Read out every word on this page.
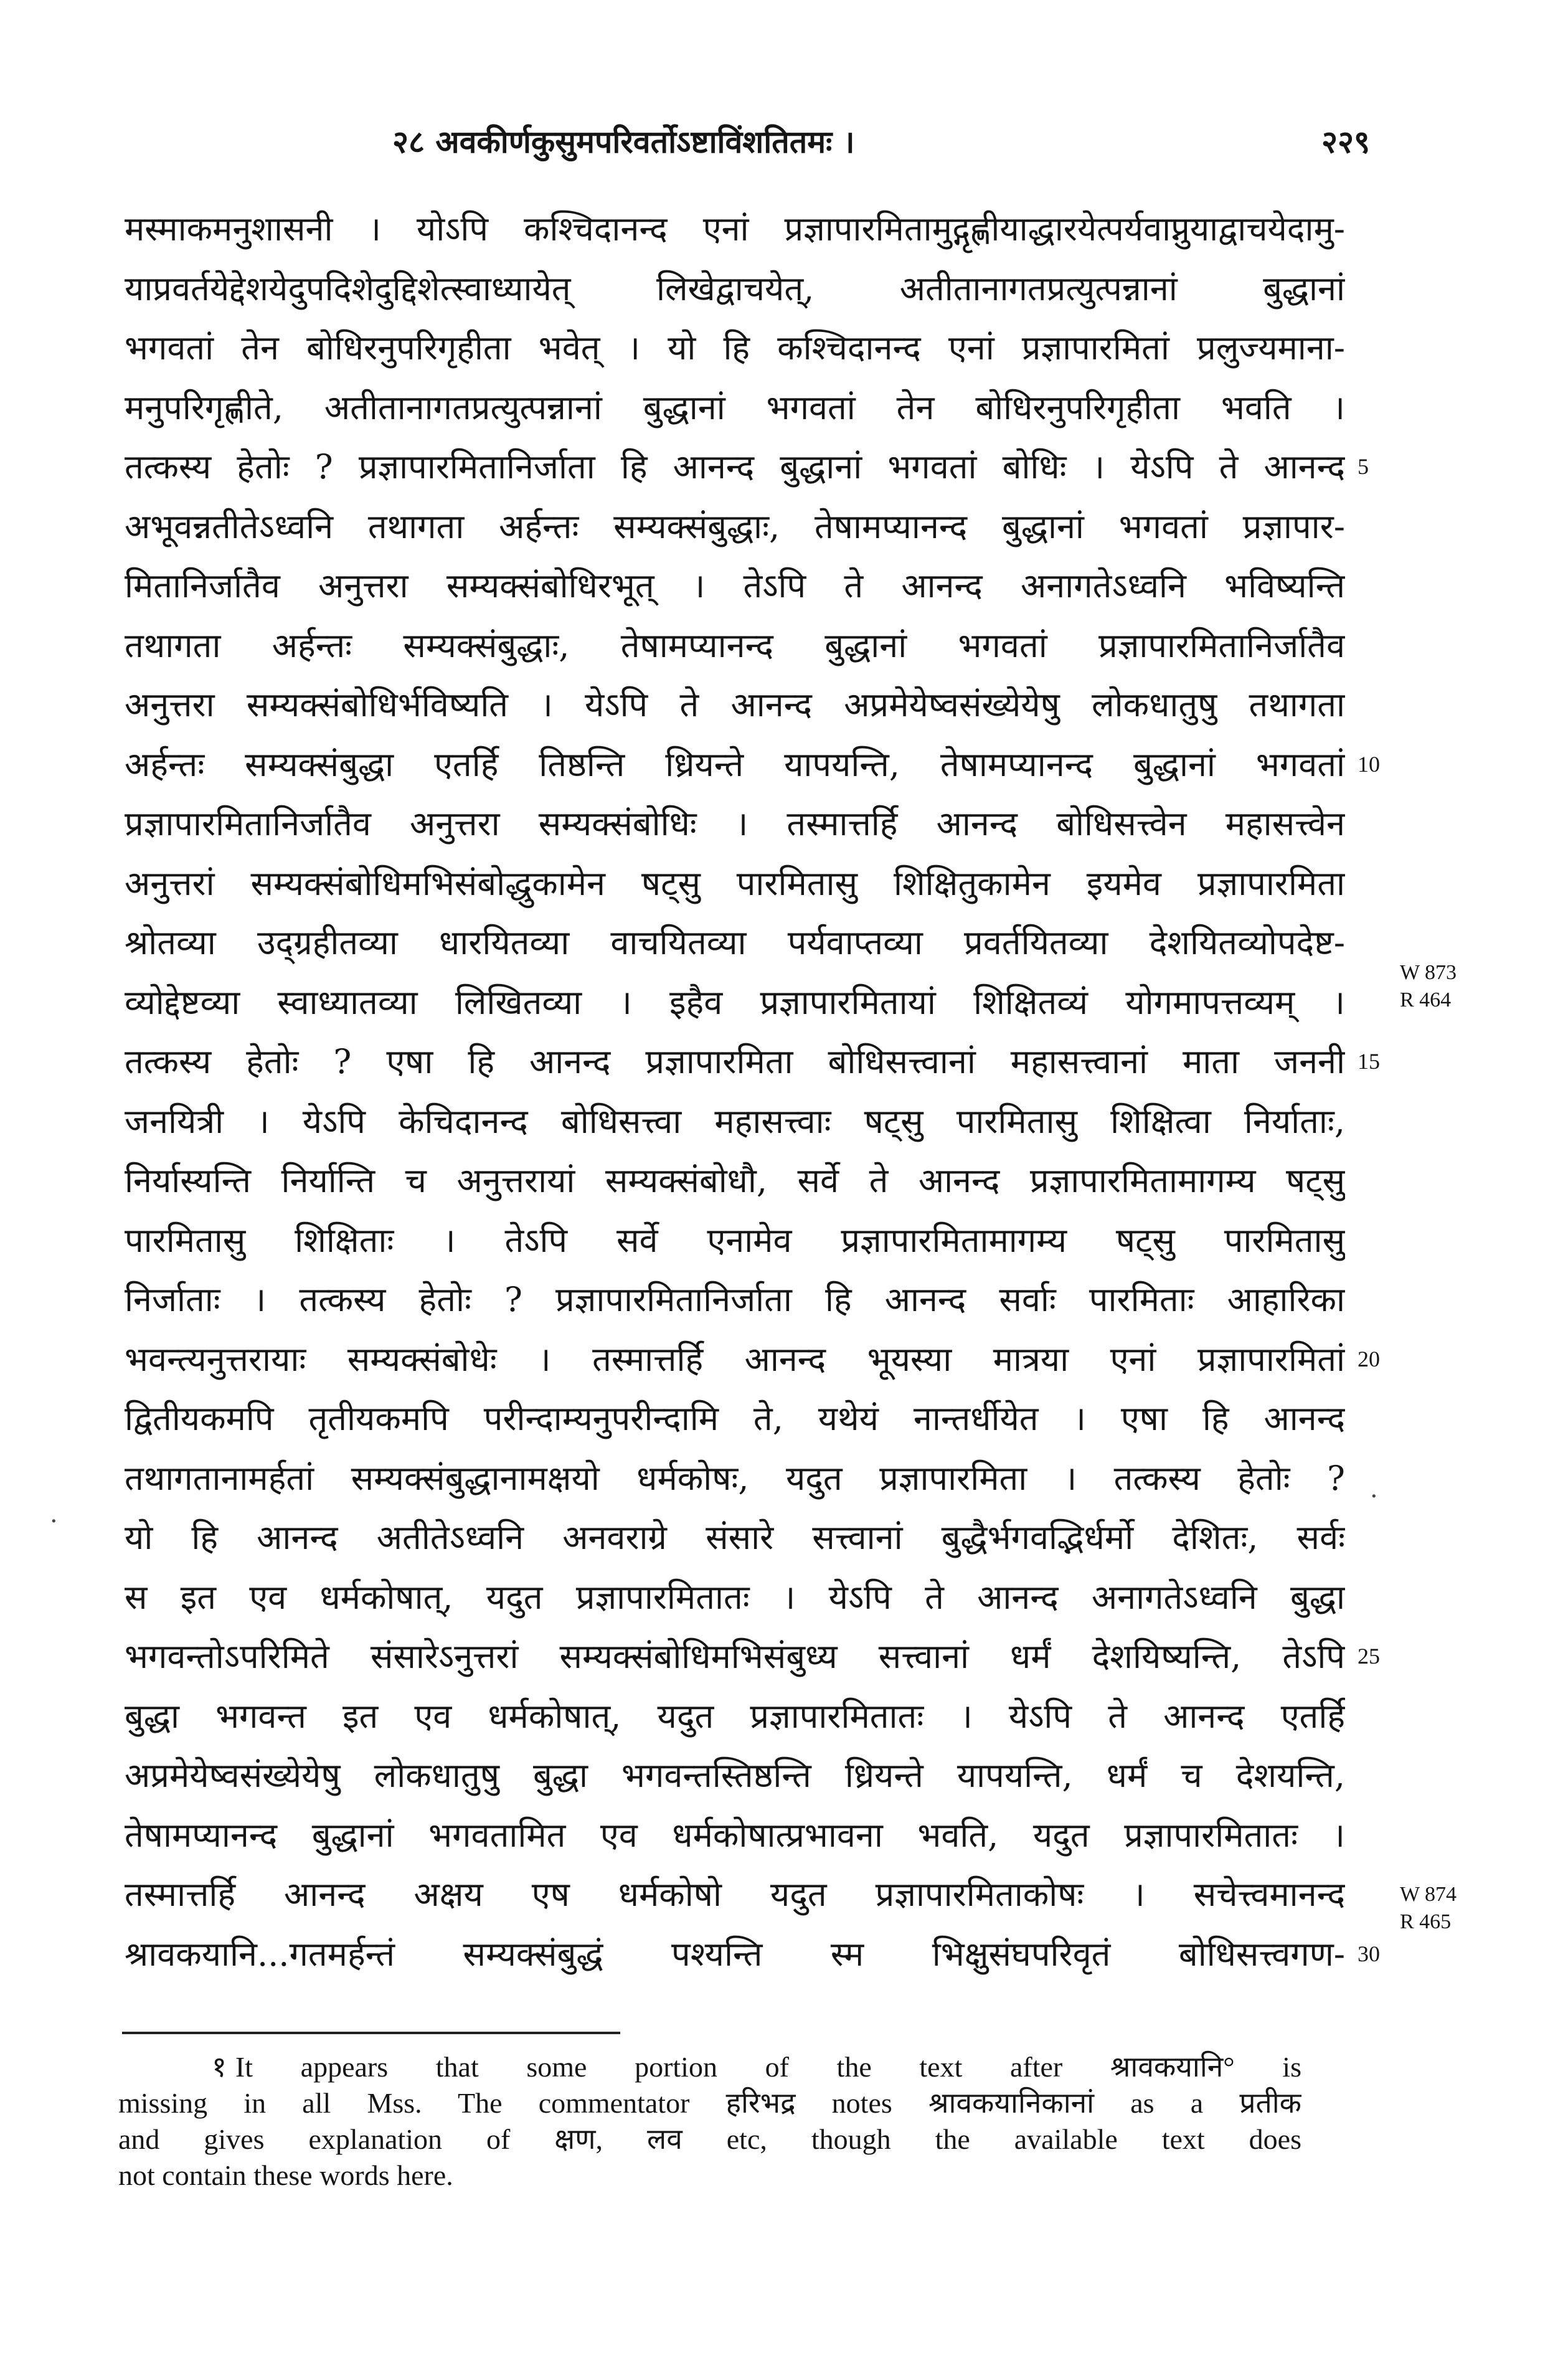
२८ अवकीर्णकुसुमपरिवर्तोऽष्टाविंशतितमः ।	२२९
मस्माकमनुशासनी । योऽपि कश्चिदानन्द एनां प्रज्ञापारमितामुद्गृह्णीयाद्धारयेत्पर्यवाप्नुयाद्वाचयेदामु-
याप्रवर्तयेद्देशयेदुपदिशेदुद्दिशेत्स्वाध्यायेत् लिखेद्वाचयेत्, अतीतानागतप्रत्युत्पन्नानां बुद्धानां
भगवतां तेन बोधिरनुपरिगृहीता भवेत् । यो हि कश्चिदानन्द एनां प्रज्ञापारमितां प्रलुज्यमाना-
मनुपरिगृह्णीते, अतीतानागतप्रत्युत्पन्नानां बुद्धानां भगवतां तेन बोधिरनुपरिगृहीता भवति ।
तत्कस्य हेतोः ? प्रज्ञापारमितानिर्जाता हि आनन्द बुद्धानां भगवतां बोधिः । येऽपि ते आनन्द 5
अभूवन्नतीतेऽध्वनि तथागता अर्हन्तः सम्यक्संबुद्धाः, तेषामप्यानन्द बुद्धानां भगवतां प्रज्ञापार-
मितानिर्जातैव अनुत्तरा सम्यक्संबोधिरभूत् । तेऽपि ते आनन्द अनागतेऽध्वनि भविष्यन्ति
तथागता अर्हन्तः सम्यक्संबुद्धाः, तेषामप्यानन्द बुद्धानां भगवतां प्रज्ञापारमितानिर्जातैव
अनुत्तरा सम्यक्संबोधिर्भविष्यति । येऽपि ते आनन्द अप्रमेयेष्वसंख्येयेषु लोकधातुषु तथागता
अर्हन्तः सम्यक्संबुद्धा एतर्हि तिष्ठन्ति ध्रियन्ते यापयन्ति, तेषामप्यानन्द बुद्धानां भगवतां 10
प्रज्ञापारमितानिर्जातैव अनुत्तरा सम्यक्संबोधिः । तस्मात्तर्हि आनन्द बोधिसत्त्वेन महासत्त्वेन
अनुत्तरां सम्यक्संबोधिमभिसंबोद्धुकामेन षट्सु पारमितासु शिक्षितुकामेन इयमेव प्रज्ञापारमिता
श्रोतव्या उद्ग्रहीतव्या धारयितव्या वाचयितव्या पर्यवाप्तव्या प्रवर्तयितव्या देशयितव्योपदेष्ट-
व्योद्देष्टव्या स्वाध्यातव्या लिखितव्या । इहैव प्रज्ञापारमितायां शिक्षितव्यं योगमापत्तव्यम् ।
तत्कस्य हेतोः ? एषा हि आनन्द प्रज्ञापारमिता बोधिसत्त्वानां महासत्त्वानां माता जननी 15
जनयित्री । येऽपि केचिदानन्द बोधिसत्त्वा महासत्त्वाः षट्सु पारमितासु शिक्षित्वा निर्याताः,
निर्यास्यन्ति निर्यान्ति च अनुत्तरायां सम्यक्संबोधौ, सर्वे ते आनन्द प्रज्ञापारमितामागम्य षट्सु
पारमितासु शिक्षिताः । तेऽपि सर्वे एनामेव प्रज्ञापारमितामागम्य षट्सु पारमितासु
निर्जाताः । तत्कस्य हेतोः ? प्रज्ञापारमितानिर्जाता हि आनन्द सर्वाः पारमिताः आहारिका
भवन्त्यनुत्तरायाः सम्यक्संबोधेः । तस्मात्तर्हि आनन्द भूयस्या मात्रया एनां प्रज्ञापारमितां 20
द्वितीयकमपि तृतीयकमपि परीन्दाम्यनुपरीन्दामि ते, यथेयं नान्तर्धीयेत । एषा हि आनन्द
तथागतानामर्हतां सम्यक्संबुद्धानामक्षयो धर्मकोषः, यदुत प्रज्ञापारमिता । तत्कस्य हेतोः ?
यो हि आनन्द अतीतेऽध्वनि अनवराग्रे संसारे सत्त्वानां बुद्धैर्भगवद्भिर्धर्मो देशितः, सर्वः
स इत एव धर्मकोषात्, यदुत प्रज्ञापारमितातः । येऽपि ते आनन्द अनागतेऽध्वनि बुद्धा
भगवन्तोऽपरिमिते संसारेऽनुत्तरां सम्यक्संबोधिमभिसंबुध्य सत्त्वानां धर्मं देशयिष्यन्ति, तेऽपि 25
बुद्धा भगवन्त इत एव धर्मकोषात्, यदुत प्रज्ञापारमितातः । येऽपि ते आनन्द एतर्हि
अप्रमेयेष्वसंख्येयेषु लोकधातुषु बुद्धा भगवन्तस्तिष्ठन्ति ध्रियन्ते यापयन्ति, धर्मं च देशयन्ति,
तेषामप्यानन्द बुद्धानां भगवतामित एव धर्मकोषात्प्रभावना भवति, यदुत प्रज्ञापारमितातः ।
तस्मात्तर्हि आनन्द अक्षय एष धर्मकोषो यदुत प्रज्ञापारमिताकोषः । सचेत्त्वमानन्द
श्रावकयानि...गतमर्हन्तं सम्यक्संबुद्धं पश्यन्ति स्म भिक्षुसंघपरिवृतं बोधिसत्त्वगण- 30
W 873
R 464
W 874
R 465
·
·
१ It appears that some portion of the text after श्रावकयानि° is
missing in all Mss. The commentator हरिभद्र notes श्रावकयानिकानां as a प्रतीक
and gives explanation of क्षण, लव etc, though the available text does
not contain these words here.
